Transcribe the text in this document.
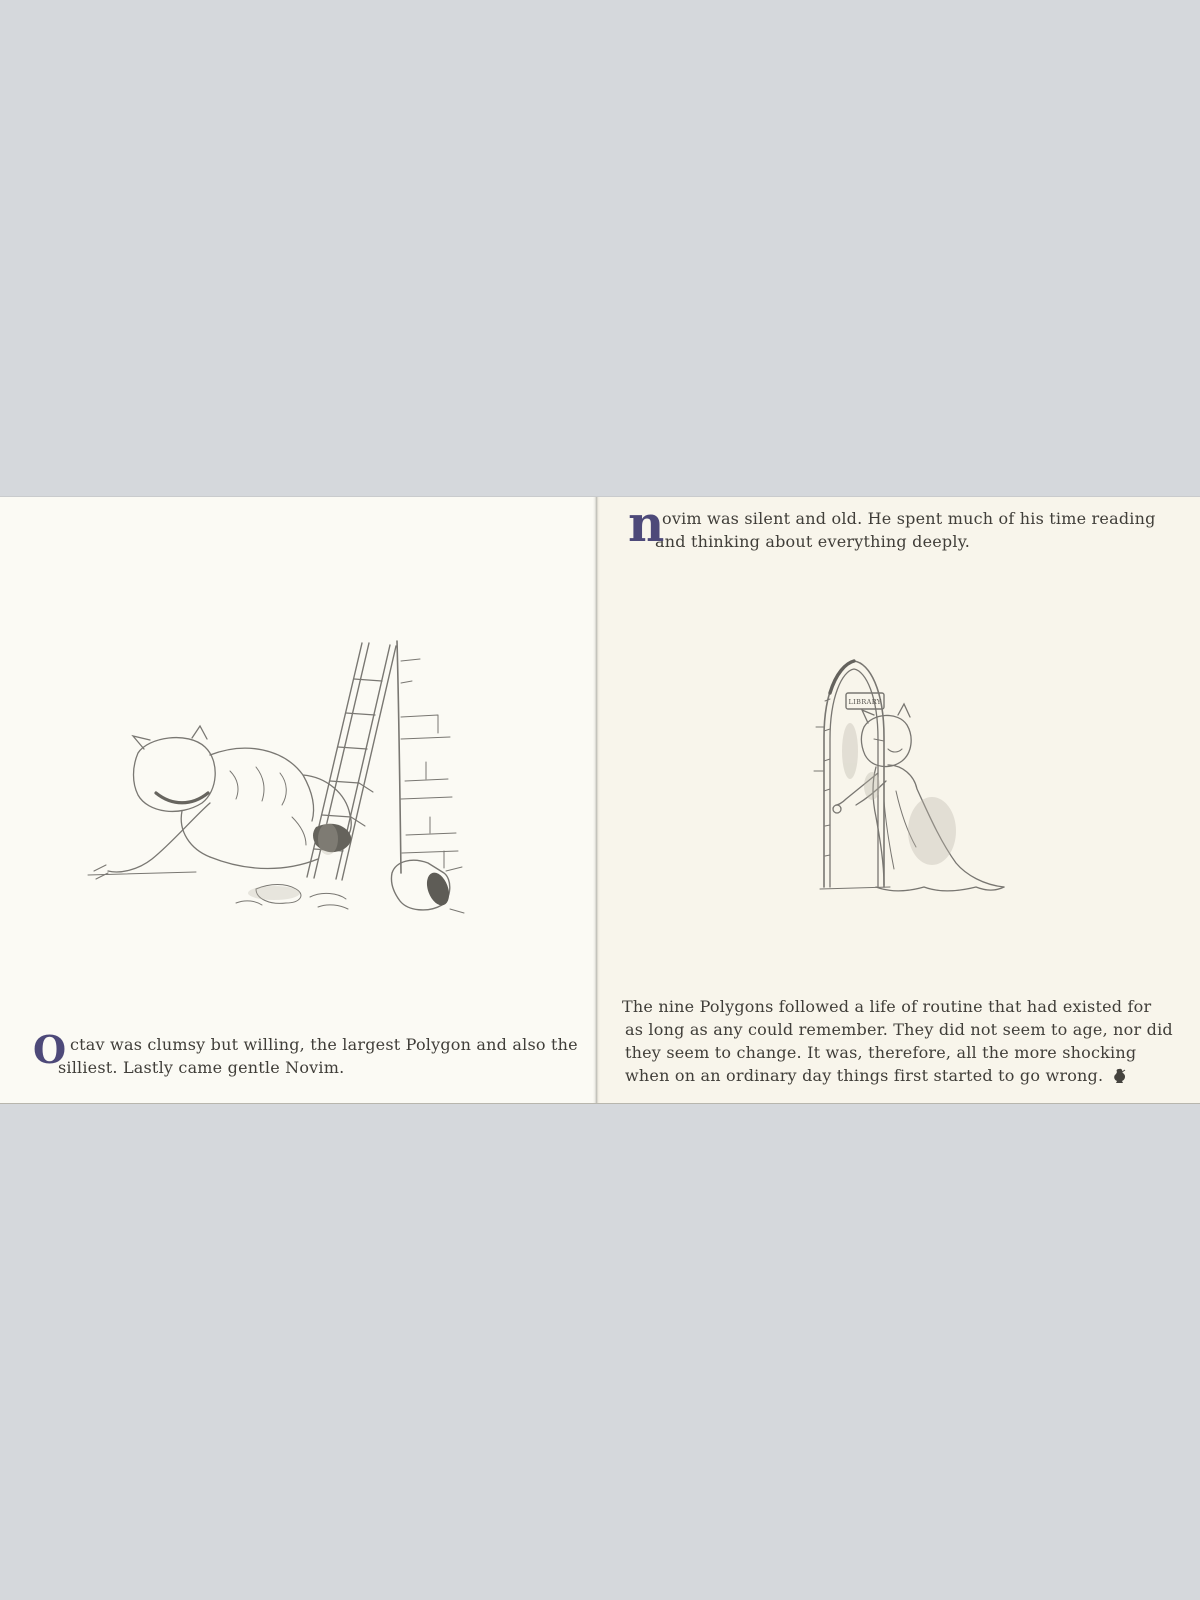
LIBRARY
n
ovim was silent and old. He spent much of his time reading
and thinking about everything deeply.
O ctav was clumsy but willing, the largest Polygon and also the
silliest. Lastly came gentle Novim.
The nine Polygons followed a life of routine that had existed for
as long as any could remember. They did not seem to age, nor did
they seem to change. It was, therefore, all the more shocking
when on an ordinary day things first started to go wrong.
